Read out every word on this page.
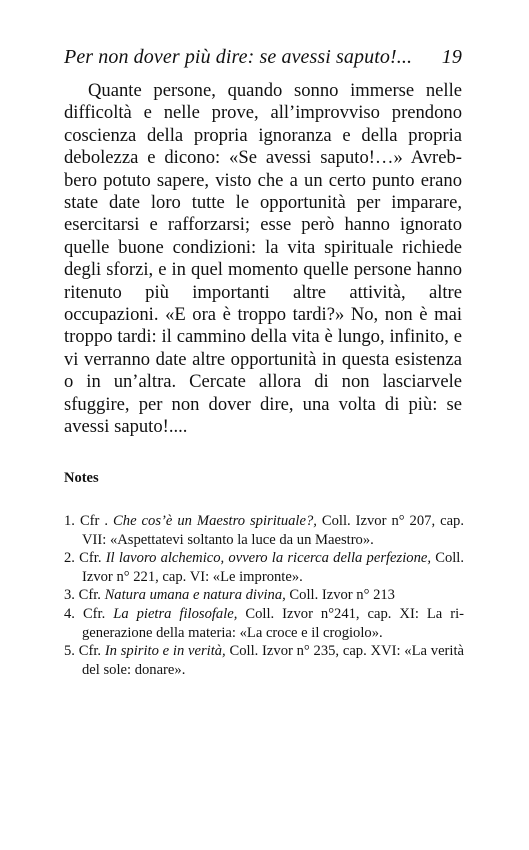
Per non dover più dire: se avessi saputo!... 19

Quante persone, quando sonno immerse nelle difficoltà e nelle prove, all’improvviso prendono coscienza della propria ignoranza e della propria debolezza e dicono: «Se avessi saputo!…» Avrebbero potuto sapere, visto che a un certo punto erano state date loro tutte le opportunità per imparare, esercitarsi e rafforzarsi; esse però hanno ignorato quelle buone condizioni: la vita spirituale richiede degli sforzi, e in quel momento quelle persone hanno ritenuto più importanti altre attività, altre occupazioni. «E ora è troppo tardi?» No, non è mai troppo tardi: il cammino della vita è lungo, infinito, e vi verranno date altre opportunità in questa esistenza o in un’altra. Cercate allora di non lasciarvele sfuggire, per non dover dire, una volta di più: se avessi saputo!....

Notes
1. Cfr . Che cos’è un Maestro spirituale?, Coll. Izvor n° 207, cap. VII: «Aspettatevi soltanto la luce da un Maestro».
2. Cfr. Il lavoro alchemico, ovvero la ricerca della perfezione, Coll. Izvor n° 221, cap. VI: «Le impronte».
3. Cfr. Natura umana e natura divina, Coll. Izvor n° 213
4. Cfr. La pietra filosofale, Coll. Izvor n°241, cap. XI: La rigenerazione della materia: «La croce e il crogiolo».
5. Cfr. In spirito e in verità, Coll. Izvor n° 235, cap. XVI: «La verità del sole: donare».
